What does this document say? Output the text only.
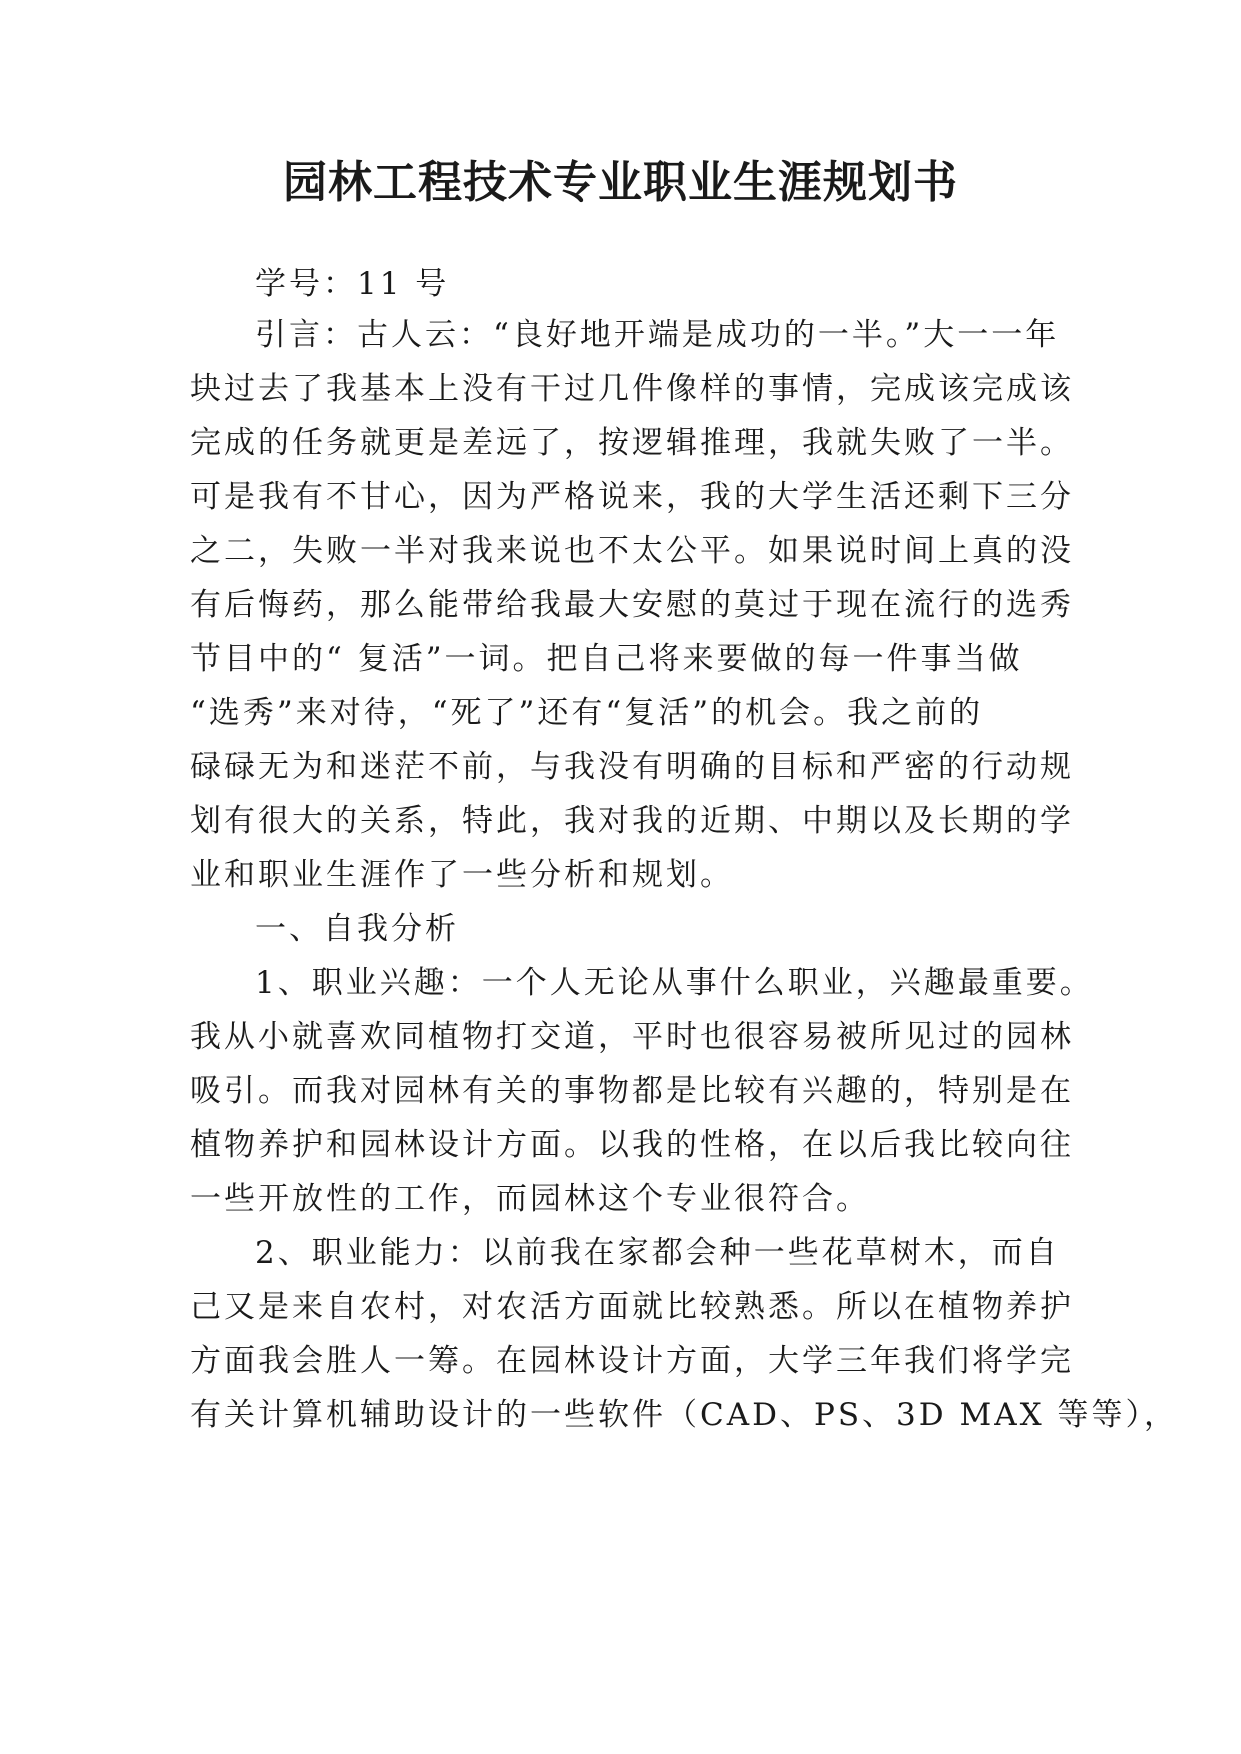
园林工程技术专业职业生涯规划书
学号：11 号
引言：古人云：“良好地开端是成功的一半。”大一一年
块过去了我基本上没有干过几件像样的事情，完成该完成该
完成的任务就更是差远了，按逻辑推理，我就失败了一半。
可是我有不甘心，因为严格说来，我的大学生活还剩下三分
之二，失败一半对我来说也不太公平。如果说时间上真的没
有后悔药，那么能带给我最大安慰的莫过于现在流行的选秀
节目中的“ 复活”一词。把自己将来要做的每一件事当做
“选秀”来对待，“死了”还有“复活”的机会。我之前的
碌碌无为和迷茫不前，与我没有明确的目标和严密的行动规
划有很大的关系，特此，我对我的近期、中期以及长期的学
业和职业生涯作了一些分析和规划。
一、自我分析
1、职业兴趣：一个人无论从事什么职业，兴趣最重要。
我从小就喜欢同植物打交道，平时也很容易被所见过的园林
吸引。而我对园林有关的事物都是比较有兴趣的，特别是在
植物养护和园林设计方面。以我的性格，在以后我比较向往
一些开放性的工作，而园林这个专业很符合。
2、职业能力：以前我在家都会种一些花草树木，而自
己又是来自农村，对农活方面就比较熟悉。所以在植物养护
方面我会胜人一筹。在园林设计方面，大学三年我们将学完
有关计算机辅助设计的一些软件（CAD、PS、3D MAX 等等），
